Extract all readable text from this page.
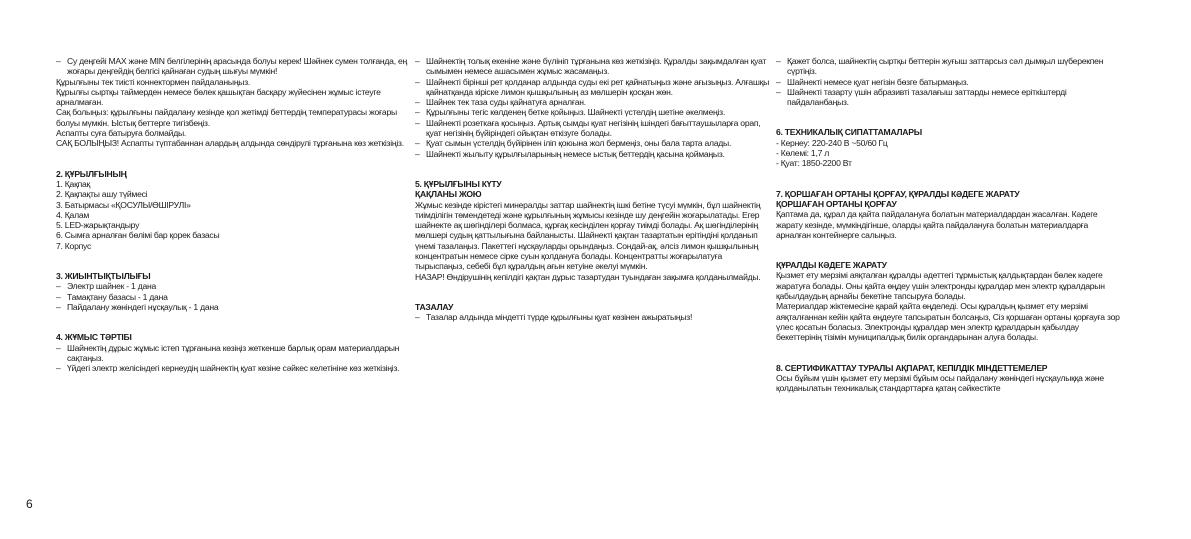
– Су деңгейі MAX және MIN белгілерінің арасында болуы керек! Шәйнек сумен толғанда, ең жоғары деңгейдің белгісі қайнаған судың шығуы мүмкін!

Құрылғыны тек тиісті коннектормен пайдаланыңыз.

Құрылғы сыртқы таймерден немесе бөлек қашықтан басқару жүйесінен жұмыс істеуге арналмаған.

Сақ болыңыз: құрылғыны пайдалану кезінде қол жетімді беттердің температурасы жоғары болуы мүмкін. Ыстық беттерге тигізбеңіз.

Аспапты суға батыруға болмайды.

САҚ БОЛЫҢЫЗ! Аспапты түптабаннан алардың алдында сөндірулі тұрғанына көз жеткізіңіз.

2. ҚҰРЫЛҒЫНЫҢ

1. Қақпақ

2. Қақпақты ашу түймесі

3. Батырмасы «ҚОСУЛЫ/ӨШІРУЛІ»

4. Қалам

5. LED-жарықтандыру

6. Сымға арналған бөлімі бар қорек базасы

7. Корпус

3. ЖИЫНТЫҚТЫЛЫҒЫ

– Электр шайнек - 1 дана

– Тамақтану базасы - 1 дана

– Пайдалану жөніндегі нұсқаулық - 1 дана

4. ЖҰМЫС ТӘРТІБІ

– Шайнектің дұрыс жұмыс істеп тұрғанына көзіңіз жеткенше барлық орам материалдарын сақтаңыз.

– Үйдегі электр желісіндегі кернеудің шайнектің қуат көзіне сәйкес келетініне көз жеткізіңіз.

– Шайнектің толық екеніне және бүлініп тұрғанына көз жеткізіңіз. Құралды зақымдалған қуат сымымен немесе ашасымен жұмыс жасамаңыз.

– Шайнекті бірінші рет қолданар алдында суды екі рет қайнатыңыз және ағызыңыз. Алғашқы қайнатқанда кіріске лимон қышқылының аз мөлшерін қосқан жөн.

– Шайнек тек таза суды қайнатуға арналған.

– Құрылғыны тегіс көлденең бетке қойыңыз. Шайнекті үстелдің шетіне әкелмеңіз.

– Шайнекті розеткаға қосыңыз. Артық сымды қуат негізінің ішіндегі бағыттаушыларға орап, қуат негізінің бүйіріндегі ойықтан өткізуге болады.

– Қуат сымын үстелдің бүйірінен іліп қоюына жол бермеңіз, оны бала тарта алады.

– Шайнекті жылыту құрылғыларының немесе ыстық беттердің қасына қоймаңыз.

5. ҚҰРЫЛҒЫНЫ КҮТУ

ҚАҚЛАНЫ ЖОЮ

Жұмыс кезінде кірістегі минералды заттар шайнектің ішкі бетіне түсуі мүмкін, бұл шайнектің тиімділігін төмендетеді және құрылғының жұмысы кезінде шу деңгейін жоғарылатады. Егер шайнекте ақ шөгінділері болмаса, құрғақ кесінділен қорғау тиімді болады. Ақ шөгінділерінің мөлшері судың қаттылығына байланысты. Шайнекті қақтан тазартатын ерітіндіні қолданып үнемі тазалаңыз. Пакеттегі нұсқауларды орындаңыз. Сондай-ақ, әлсіз лимон қышқылының концентратын немесе сірке суын қолдануға болады. Концентратты жоғарылатуға тырыспаңыз, себебі бұл құралдың ағын кетуіне әкелуі мүмкін.

НАЗАР! Өндірушінің кепілдігі қақтан дұрыс тазартудан туындаған зақымға қолданылмайды.

ТАЗАЛАУ

– Тазалар алдында міндетті түрде құрылғыны қуат көзінен ажыратыңыз!

– Қажет болса, шайнектің сыртқы беттерін жуғыш заттарсыз сәл дымқыл шүберекпен сүртіңіз.

– Шайнекті немесе қуат негізін бөзге батырмаңыз.

– Шайнекті тазарту үшін абразивті тазалағыш заттарды немесе еріткіштерді пайдаланбаңыз.

6. ТЕХНИКАЛЫҚ СИПАТТАМАЛАРЫ

- Кернеу: 220-240 В ~50/60 Гц

- Көлемі: 1,7 л

- Қуат: 1850-2200 Вт

7. ҚОРШАҒАН ОРТАНЫ ҚОРҒАУ, ҚҰРАЛДЫ КӘДЕГЕ ЖАРАТУ

ҚОРШАҒАН ОРТАНЫ ҚОРҒАУ

Қаптама да, құрал да қайта пайдалануға болатын материалдардан жасалған. Кәдеге жарату кезінде, мүмкіндігінше, оларды қайта пайдалануға болатын материалдарға арналған контейнерге салыңыз.

ҚҰРАЛДЫ КӘДЕГЕ ЖАРАТУ

Қызмет ету мерзімі аяқталған құралды әдеттегі тұрмыстық қалдықтардан бөлек кәдеге жаратуға болады. Оны қайта өңдеу үшін электронды құралдар мен электр құралдарын қабылдаудың арнайы бекетіне тапсыруға болады.

Материалдар жіктемесіне қарай қайта өңделеді. Осы құралдың қызмет ету мерзімі аяқталғаннан кейін қайта өңдеуге тапсыратын болсаңыз, Сіз қоршаған ортаны қорғауға зор үлес қосатын боласыз. Электронды құралдар мен электр құралдарын қабылдау бекеттерінің тізімін муниципалдық билік органдарынан алуға болады.

8. СЕРТИФИКАТТАУ ТУРАЛЫ АҚПАРАТ, КЕПІЛДІК МІНДЕТТЕМЕЛЕР

Осы бұйым үшін қызмет ету мерзімі бұйым осы пайдалану жөніндегі нұсқаулыққа және қолданылатын техникалық стандарттарға қатаң сәйкестікте

6
